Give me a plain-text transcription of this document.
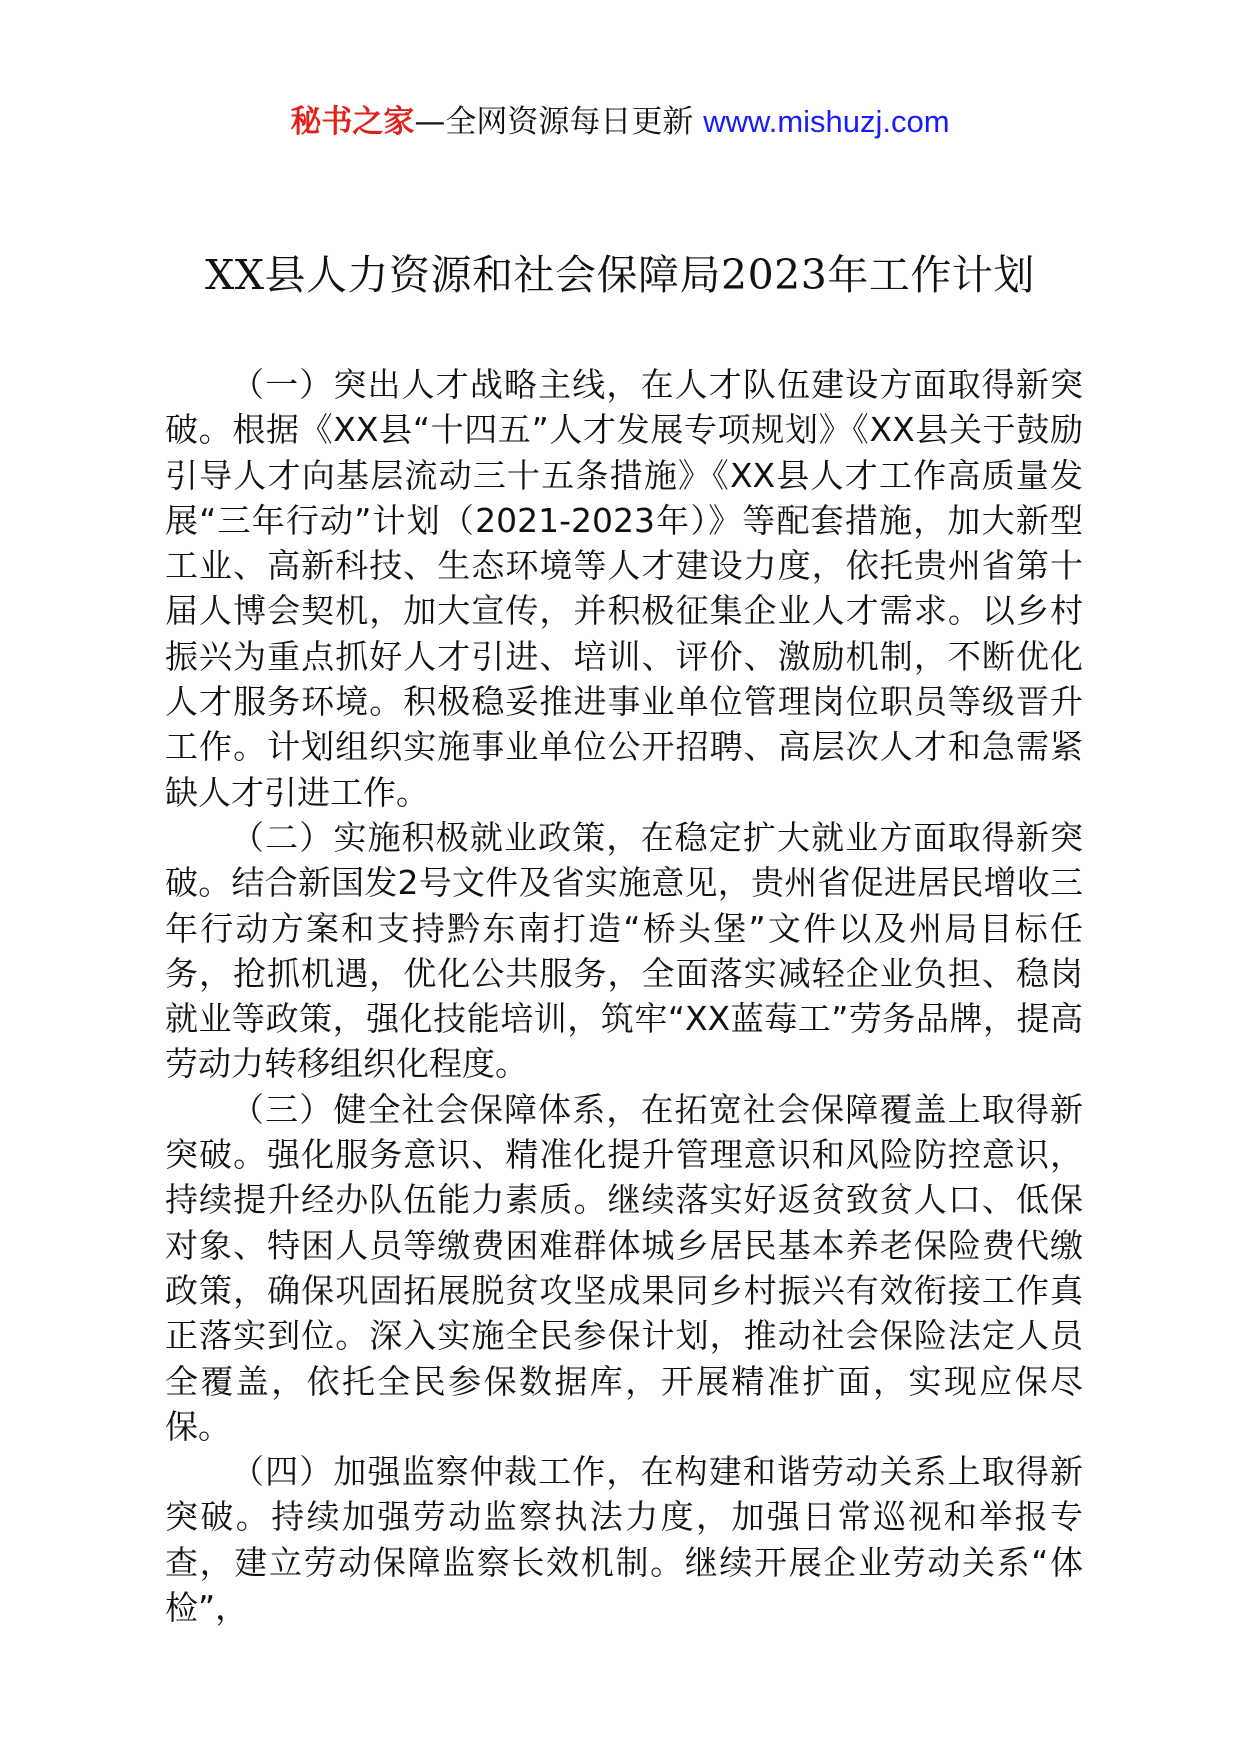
秘书之家—全网资源每日更新 www.mishuzj.com
XX县人力资源和社会保障局2023年工作计划

（一）突出人才战略主线，在人才队伍建设方面取得新突破。根据《XX县“十四五”人才发展专项规划》《XX县关于鼓励引导人才向基层流动三十五条措施》《XX县人才工作高质量发展“三年行动”计划（2021-2023年）》等配套措施，加大新型工业、高新科技、生态环境等人才建设力度，依托贵州省第十届人博会契机，加大宣传，并积极征集企业人才需求。以乡村振兴为重点抓好人才引进、培训、评价、激励机制，不断优化人才服务环境。积极稳妥推进事业单位管理岗位职员等级晋升工作。计划组织实施事业单位公开招聘、高层次人才和急需紧缺人才引进工作。

（二）实施积极就业政策，在稳定扩大就业方面取得新突破。结合新国发2号文件及省实施意见，贵州省促进居民增收三年行动方案和支持黔东南打造“桥头堡”文件以及州局目标任务，抢抓机遇，优化公共服务，全面落实减轻企业负担、稳岗就业等政策，强化技能培训，筑牢“XX蓝莓工”劳务品牌，提高劳动力转移组织化程度。

（三）健全社会保障体系，在拓宽社会保障覆盖上取得新突破。强化服务意识、精准化提升管理意识和风险防控意识，持续提升经办队伍能力素质。继续落实好返贫致贫人口、低保对象、特困人员等缴费困难群体城乡居民基本养老保险费代缴政策，确保巩固拓展脱贫攻坚成果同乡村振兴有效衔接工作真正落实到位。深入实施全民参保计划，推动社会保险法定人员全覆盖，依托全民参保数据库，开展精准扩面，实现应保尽保。

（四）加强监察仲裁工作，在构建和谐劳动关系上取得新突破。持续加强劳动监察执法力度，加强日常巡视和举报专查，建立劳动保障监察长效机制。继续开展企业劳动关系“体检”，
